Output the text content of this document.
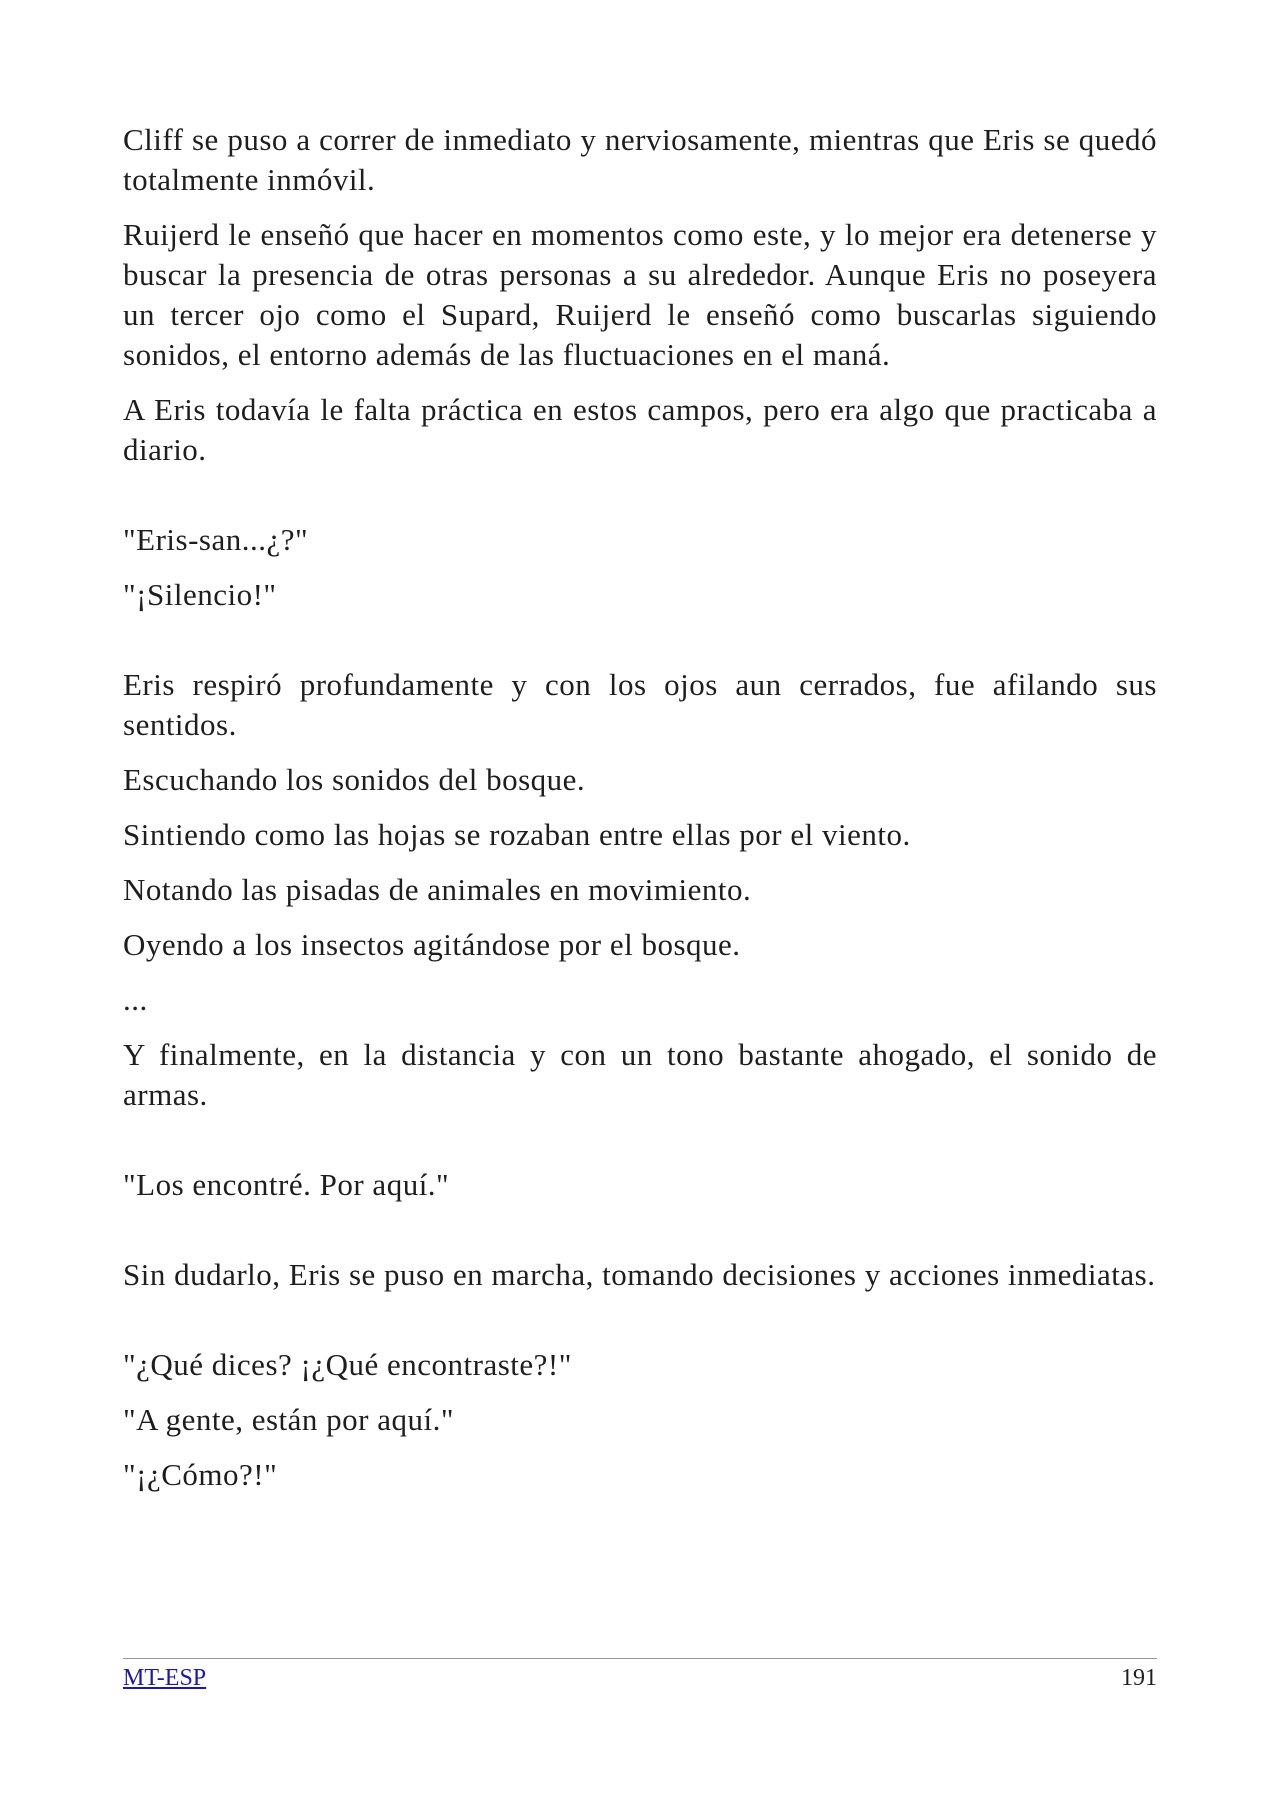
Cliff se puso a correr de inmediato y nerviosamente, mientras que Eris se quedó totalmente inmóvil.

Ruijerd le enseñó que hacer en momentos como este, y lo mejor era detenerse y buscar la presencia de otras personas a su alrededor. Aunque Eris no poseyera un tercer ojo como el Supard, Ruijerd le enseñó como buscarlas siguiendo sonidos, el entorno además de las fluctuaciones en el maná.

A Eris todavía le falta práctica en estos campos, pero era algo que practicaba a diario.

"Eris-san...¿?"

"¡Silencio!"

Eris respiró profundamente y con los ojos aun cerrados, fue afilando sus sentidos.

Escuchando los sonidos del bosque.

Sintiendo como las hojas se rozaban entre ellas por el viento.

Notando las pisadas de animales en movimiento.

Oyendo a los insectos agitándose por el bosque.

...

Y finalmente, en la distancia y con un tono bastante ahogado, el sonido de armas.

"Los encontré. Por aquí."

Sin dudarlo, Eris se puso en marcha, tomando decisiones y acciones inmediatas.

"¿Qué dices? ¡¿Qué encontraste?!"

"A gente, están por aquí."

"¡¿Cómo?!"

MT-ESP	191
